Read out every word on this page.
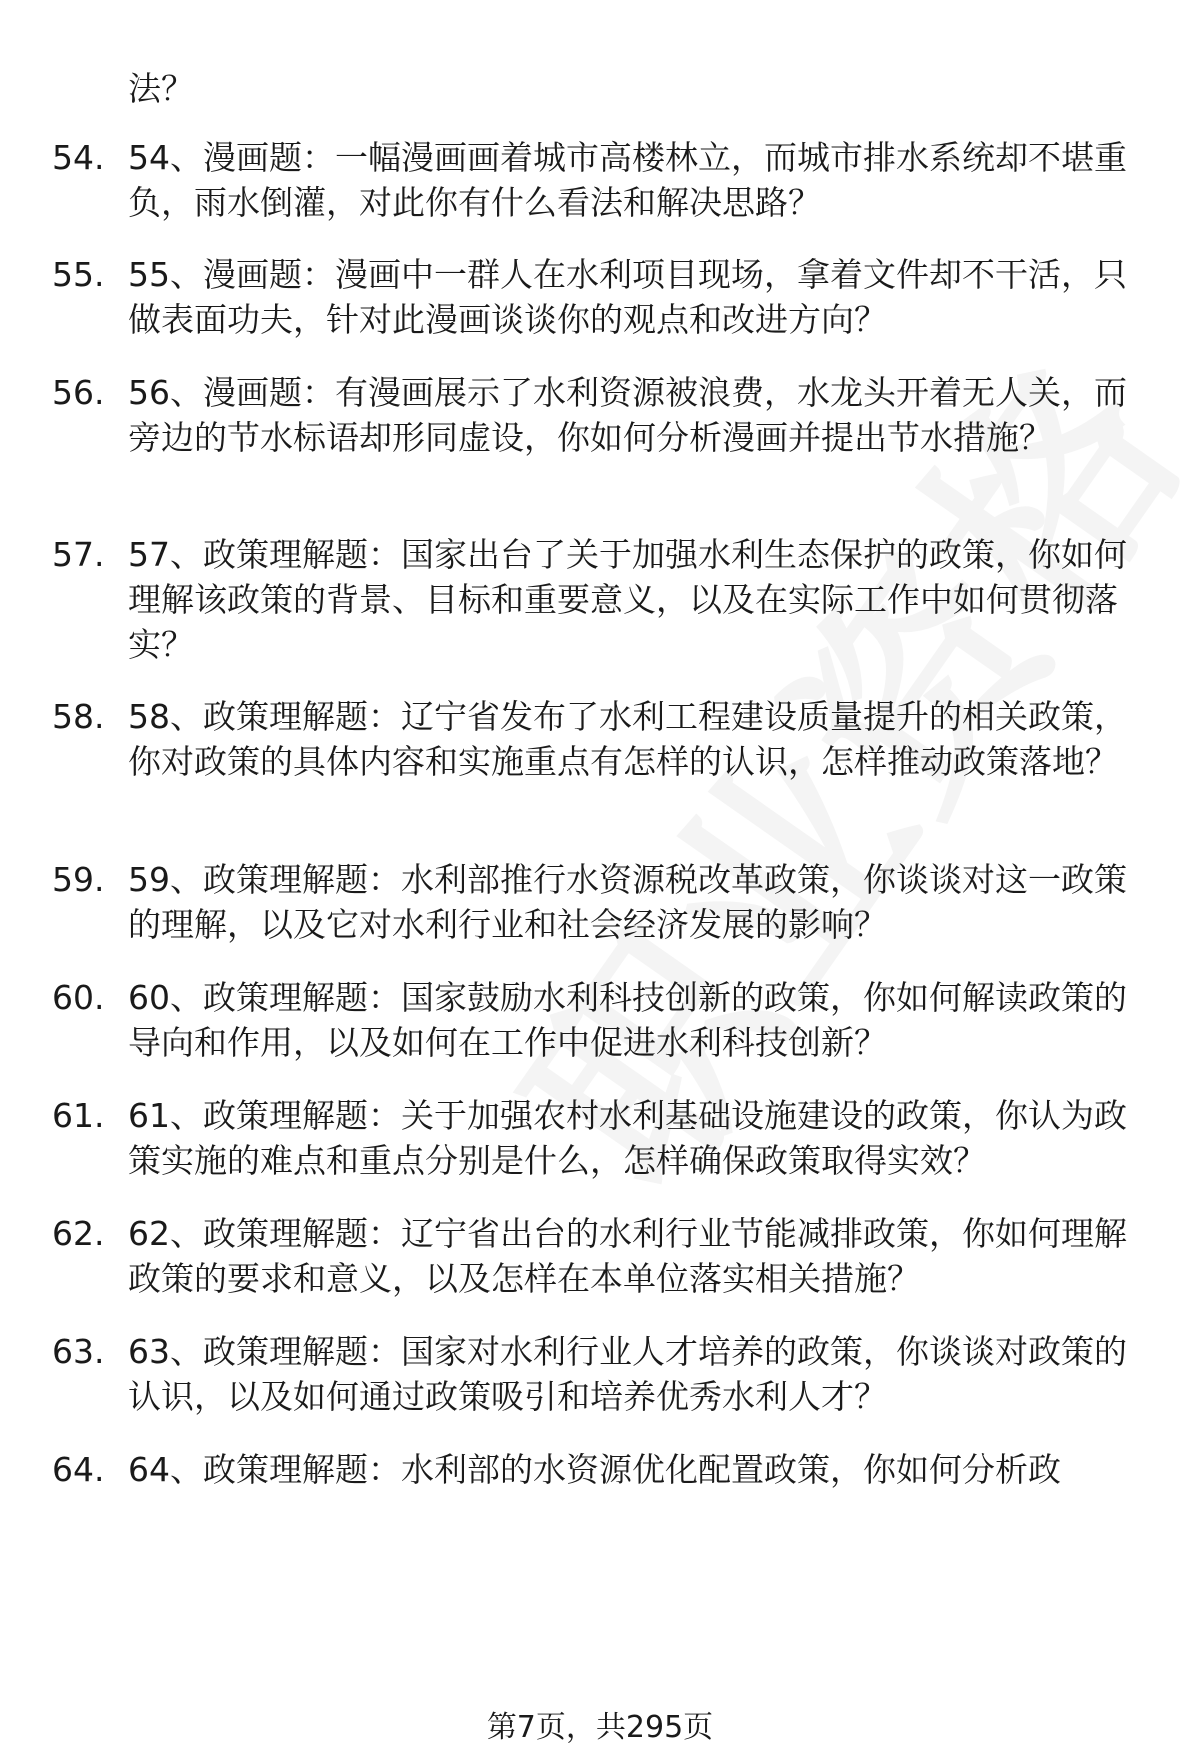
法？

54. 54、漫画题：一幅漫画画着城市高楼林立，而城市排水系统却不堪重负，雨水倒灌，对此你有什么看法和解决思路？
55. 55、漫画题：漫画中一群人在水利项目现场，拿着文件却不干活，只做表面功夫，针对此漫画谈谈你的观点和改进方向？
56. 56、漫画题：有漫画展示了水利资源被浪费，水龙头开着无人关，而旁边的节水标语却形同虚设，你如何分析漫画并提出节水措施？
57. 57、政策理解题：国家出台了关于加强水利生态保护的政策，你如何理解该政策的背景、目标和重要意义，以及在实际工作中如何贯彻落实？
58. 58、政策理解题：辽宁省发布了水利工程建设质量提升的相关政策，你对政策的具体内容和实施重点有怎样的认识，怎样推动政策落地？
59. 59、政策理解题：水利部推行水资源税改革政策，你谈谈对这一政策的理解，以及它对水利行业和社会经济发展的影响？
60. 60、政策理解题：国家鼓励水利科技创新的政策，你如何解读政策的导向和作用，以及如何在工作中促进水利科技创新？
61. 61、政策理解题：关于加强农村水利基础设施建设的政策，你认为政策实施的难点和重点分别是什么，怎样确保政策取得实效？
62. 62、政策理解题：辽宁省出台的水利行业节能减排政策，你如何理解政策的要求和意义，以及怎样在本单位落实相关措施？
63. 63、政策理解题：国家对水利行业人才培养的政策，你谈谈对政策的认识，以及如何通过政策吸引和培养优秀水利人才？
64. 64、政策理解题：水利部的水资源优化配置政策，你如何分析政
第7页，共295页
